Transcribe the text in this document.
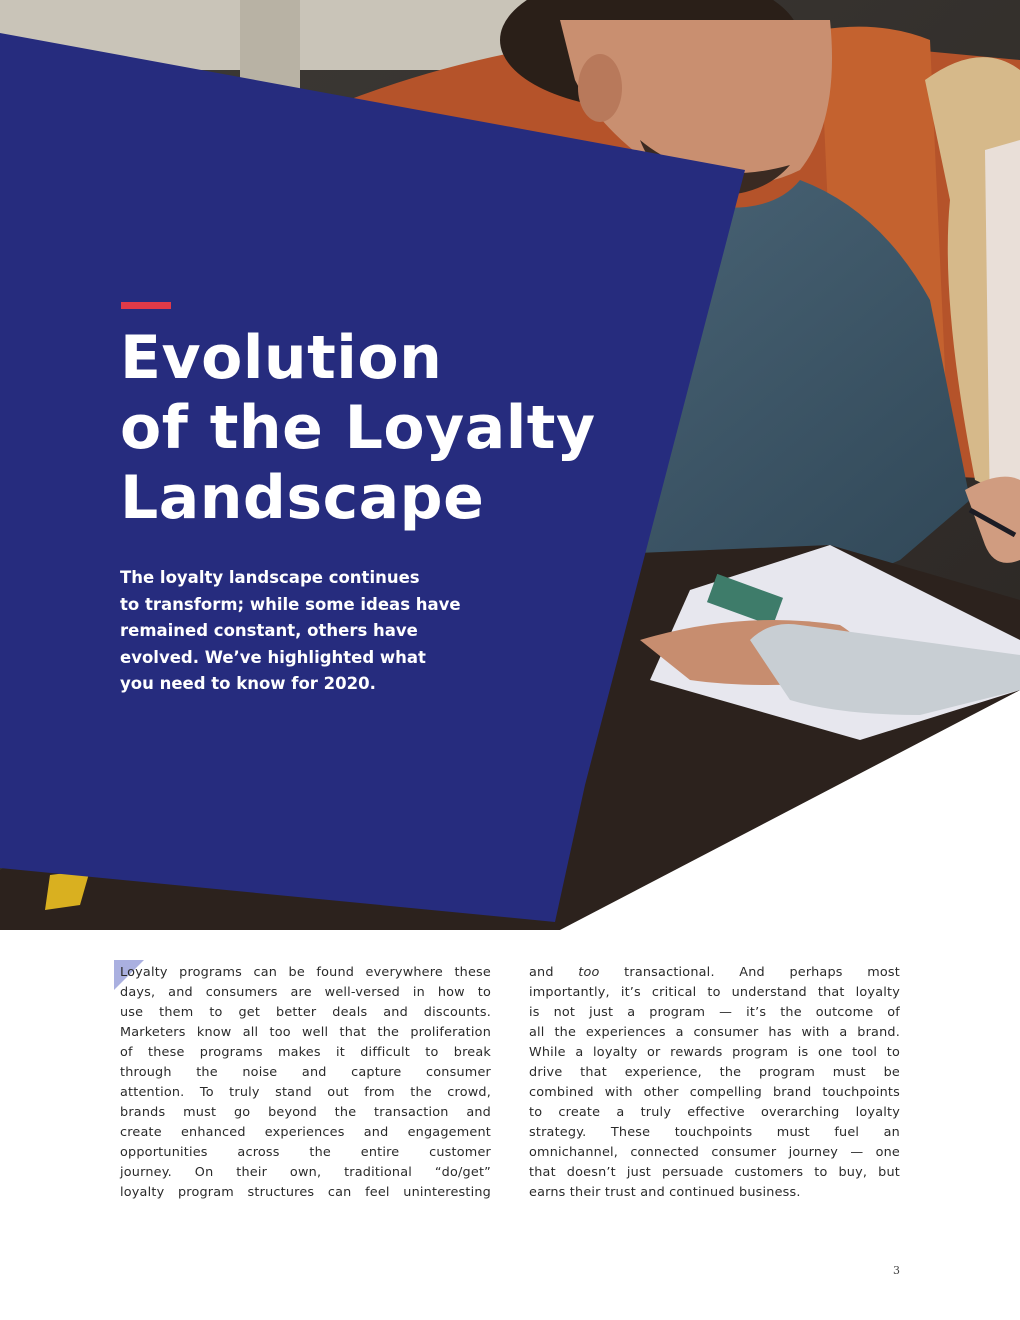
Evolution
of the Loyalty
Landscape

The loyalty landscape continues
to transform; while some ideas have
remained constant, others have
evolved. We’ve highlighted what
you need to know for 2020.

Loyalty programs can be found everywhere these
days, and consumers are well-versed in how to
use them to get better deals and discounts.
Marketers know all too well that the proliferation
of these programs makes it difficult to break
through the noise and capture consumer
attention. To truly stand out from the crowd,
brands must go beyond the transaction and
create enhanced experiences and engagement
opportunities across the entire customer
journey. On their own, traditional “do/get”
loyalty program structures can feel uninteresting

and too transactional. And perhaps most
importantly, it’s critical to understand that loyalty
is not just a program — it’s the outcome of
all the experiences a consumer has with a brand.
While a loyalty or rewards program is one tool to
drive that experience, the program must be
combined with other compelling brand touchpoints
to create a truly effective overarching loyalty
strategy. These touchpoints must fuel an
omnichannel, connected consumer journey — one
that doesn’t just persuade customers to buy, but
earns their trust and continued business.

3
